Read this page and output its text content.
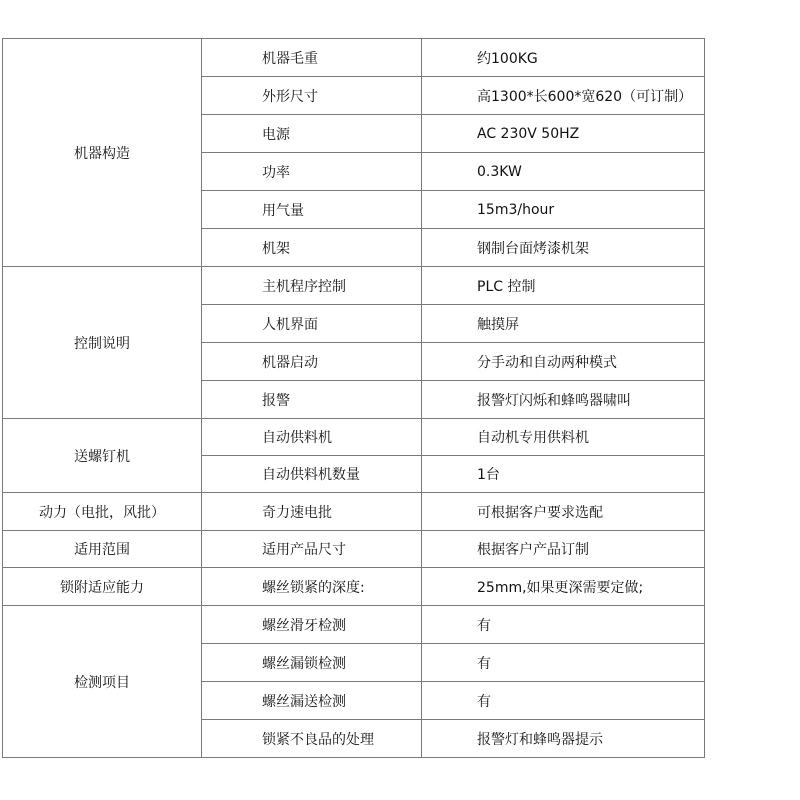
机器构造	机器毛重	约100KG
	外形尺寸	高1300*长600*宽620（可订制）
	电源	AC 230V 50HZ
	功率	0.3KW
	用气量	15m3/hour
	机架	钢制台面烤漆机架
控制说明	主机程序控制	PLC 控制
	人机界面	触摸屏
	机器启动	分手动和自动两种模式
	报警	报警灯闪烁和蜂鸣器啸叫
送螺钉机	自动供料机	自动机专用供料机
	自动供料机数量	1台
动力（电批，风批）	奇力速电批	可根据客户要求选配
适用范围	适用产品尺寸	根据客户产品订制
锁附适应能力	螺丝锁紧的深度:	25mm,如果更深需要定做;
检测项目	螺丝滑牙检测	有
	螺丝漏锁检测	有
	螺丝漏送检测	有
	锁紧不良品的处理	报警灯和蜂鸣器提示
